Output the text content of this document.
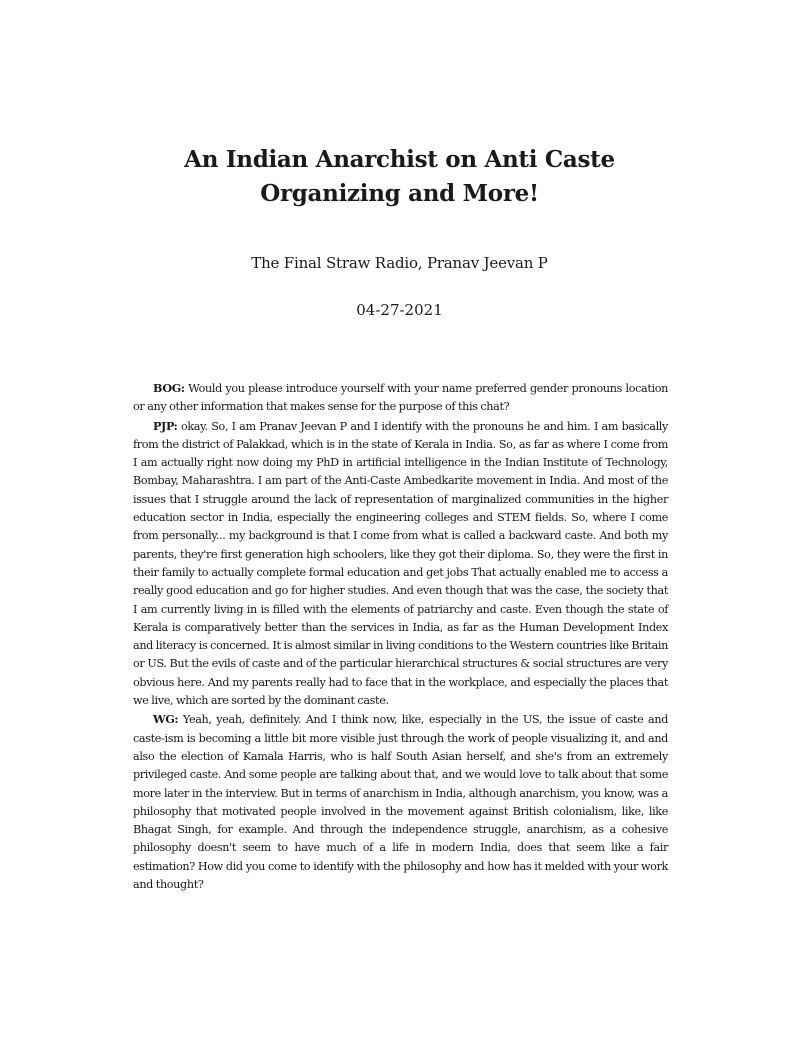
An Indian Anarchist on Anti Caste
Organizing and More!
The Final Straw Radio, Pranav Jeevan P
04-27-2021

BOG: Would you please introduce yourself with your name preferred gender pronouns location or any other information that makes sense for the purpose of this chat?

PJP: okay. So, I am Pranav Jeevan P and I identify with the pronouns he and him. I am basically from the district of Palakkad, which is in the state of Kerala in India. So, as far as where I come from I am actually right now doing my PhD in artificial intelligence in the Indian Institute of Technology, Bombay, Maharashtra. I am part of the Anti-Caste Ambedkarite movement in India. And most of the issues that I struggle around the lack of representation of marginalized communities in the higher education sector in India, especially the engineering colleges and STEM fields. So, where I come from personally... my background is that I come from what is called a backward caste. And both my parents, they're first generation high schoolers, like they got their diploma. So, they were the first in their family to actually complete formal education and get jobs That actually enabled me to access a really good education and go for higher studies. And even though that was the case, the society that I am currently living in is filled with the elements of patriarchy and caste. Even though the state of Kerala is comparatively better than the services in India, as far as the Human Development Index and literacy is concerned. It is almost similar in living conditions to the Western countries like Britain or US. But the evils of caste and of the particular hierarchical structures & social structures are very obvious here. And my parents really had to face that in the workplace, and especially the places that we live, which are sorted by the dominant caste.

WG: Yeah, yeah, definitely. And I think now, like, especially in the US, the issue of caste and caste-ism is becoming a little bit more visible just through the work of people visualizing it, and and also the election of Kamala Harris, who is half South Asian herself, and she's from an extremely privileged caste. And some people are talking about that, and we would love to talk about that some more later in the interview. But in terms of anarchism in India, although anarchism, you know, was a philosophy that motivated people involved in the movement against British colonialism, like, like Bhagat Singh, for example. And through the independence struggle, anarchism, as a cohesive philosophy doesn't seem to have much of a life in modern India, does that seem like a fair estimation? How did you come to identify with the philosophy and how has it melded with your work and thought?
